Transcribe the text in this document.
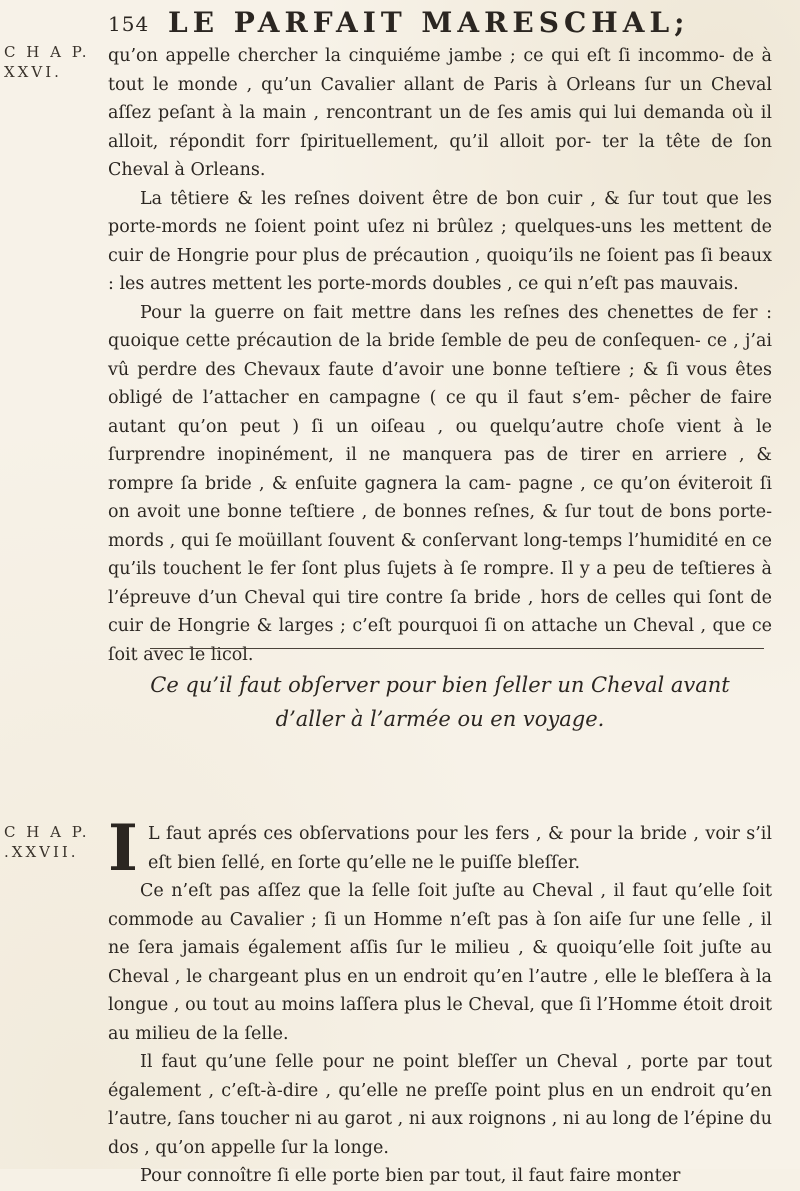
154 LE PARFAIT MARESCHAL;
C H A P.
XXVI.

qu’on appelle chercher la cinquiéme jambe ; ce qui eſt ſi incommo- de à tout le monde , qu’un Cavalier allant de Paris à Orleans ſur un Cheval aſſez peſant à la main , rencontrant un de ſes amis qui lui demanda où il alloit, répondit forr ſpirituellement, qu’il alloit por- ter la tête de ſon Cheval à Orleans.

La têtiere & les reſnes doivent être de bon cuir , & ſur tout que les porte-mords ne ſoient point uſez ni brûlez ; quelques-uns les mettent de cuir de Hongrie pour plus de précaution , quoiqu’ils ne ſoient pas ſi beaux : les autres mettent les porte-mords doubles , ce qui n’eſt pas mauvais.

Pour la guerre on fait mettre dans les reſnes des chenettes de fer : quoique cette précaution de la bride ſemble de peu de conſequen- ce , j’ai vû perdre des Chevaux faute d’avoir une bonne teſtiere ; & ſi vous êtes obligé de l’attacher en campagne ( ce qu il faut s’em- pêcher de faire autant qu’on peut ) ſi un oiſeau , ou quelqu’autre choſe vient à le ſurprendre inopinément, il ne manquera pas de tirer en arriere , & rompre ſa bride , & enſuite gagnera la cam- pagne , ce qu’on éviteroit ſi on avoit une bonne teſtiere , de bonnes reſnes, & ſur tout de bons porte-mords , qui ſe moüillant ſouvent & conſervant long-temps l’humidité en ce qu’ils touchent le fer ſont plus ſujets à ſe rompre. Il y a peu de teſtieres à l’épreuve d’un Cheval qui tire contre ſa bride , hors de celles qui ſont de cuir de Hongrie & larges ; c’eſt pourquoi ſi on attache un Cheval , que ce ſoit avec le licol.

Ce qu’il faut obſerver pour bien ſeller un Cheval avant
d’aller à l’armée ou en voyage.
C H A P.
.XXVII. I L faut aprés ces obſervations pour les fers , & pour la bride , voir s’il eſt bien ſellé, en ſorte qu’elle ne le puiſſe bleſſer.

Ce n’eſt pas aſſez que la ſelle ſoit juſte au Cheval , il faut qu’elle ſoit commode au Cavalier ; ſi un Homme n’eſt pas à ſon aiſe ſur une ſelle , il ne ſera jamais également aſſis ſur le milieu , & quoiqu’elle ſoit juſte au Cheval , le chargeant plus en un endroit qu’en l’autre , elle le bleſſera à la longue , ou tout au moins laſſera plus le Cheval, que ſi l’Homme étoit droit au milieu de la ſelle.

Il faut qu’une ſelle pour ne point bleſſer un Cheval , porte par tout également , c’eſt-à-dire , qu’elle ne preſſe point plus en un endroit qu’en l’autre, ſans toucher ni au garot , ni aux roignons , ni au long de l’épine du dos , qu’on appelle ſur la longe.

Pour connoître ſi elle porte bien par tout, il faut faire monter
